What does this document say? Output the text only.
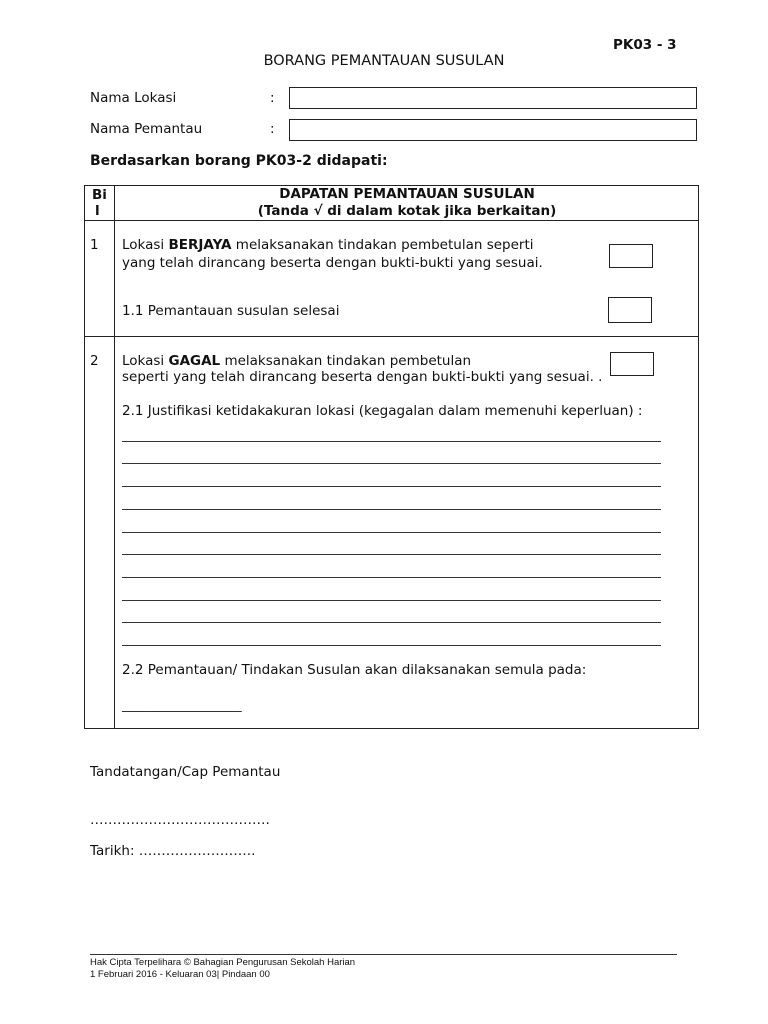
PK03 - 3
BORANG PEMANTAUAN SUSULAN
Nama Lokasi	:
Nama Pemantau	:
Berdasarkan borang PK03-2 didapati:
Bi
l
DAPATAN PEMANTAUAN SUSULAN
(Tanda √ di dalam kotak jika berkaitan)
1 Lokasi BERJAYA melaksanakan tindakan pembetulan seperti
yang telah dirancang beserta dengan bukti-bukti yang sesuai.
1.1 Pemantauan susulan selesai
2 Lokasi GAGAL melaksanakan tindakan pembetulan
seperti yang telah dirancang beserta dengan bukti-bukti yang sesuai. .
2.1 Justifikasi ketidakakuran lokasi (kegagalan dalam memenuhi keperluan) :
2.2 Pemantauan/ Tindakan Susulan akan dilaksanakan semula pada:
___________________
Tandatangan/Cap Pemantau
………………………………….
Tarikh: ……………………..
Hak Cipta Terpelihara © Bahagian Pengurusan Sekolah Harian
1 Februari 2016 - Keluaran 03| Pindaan 00
